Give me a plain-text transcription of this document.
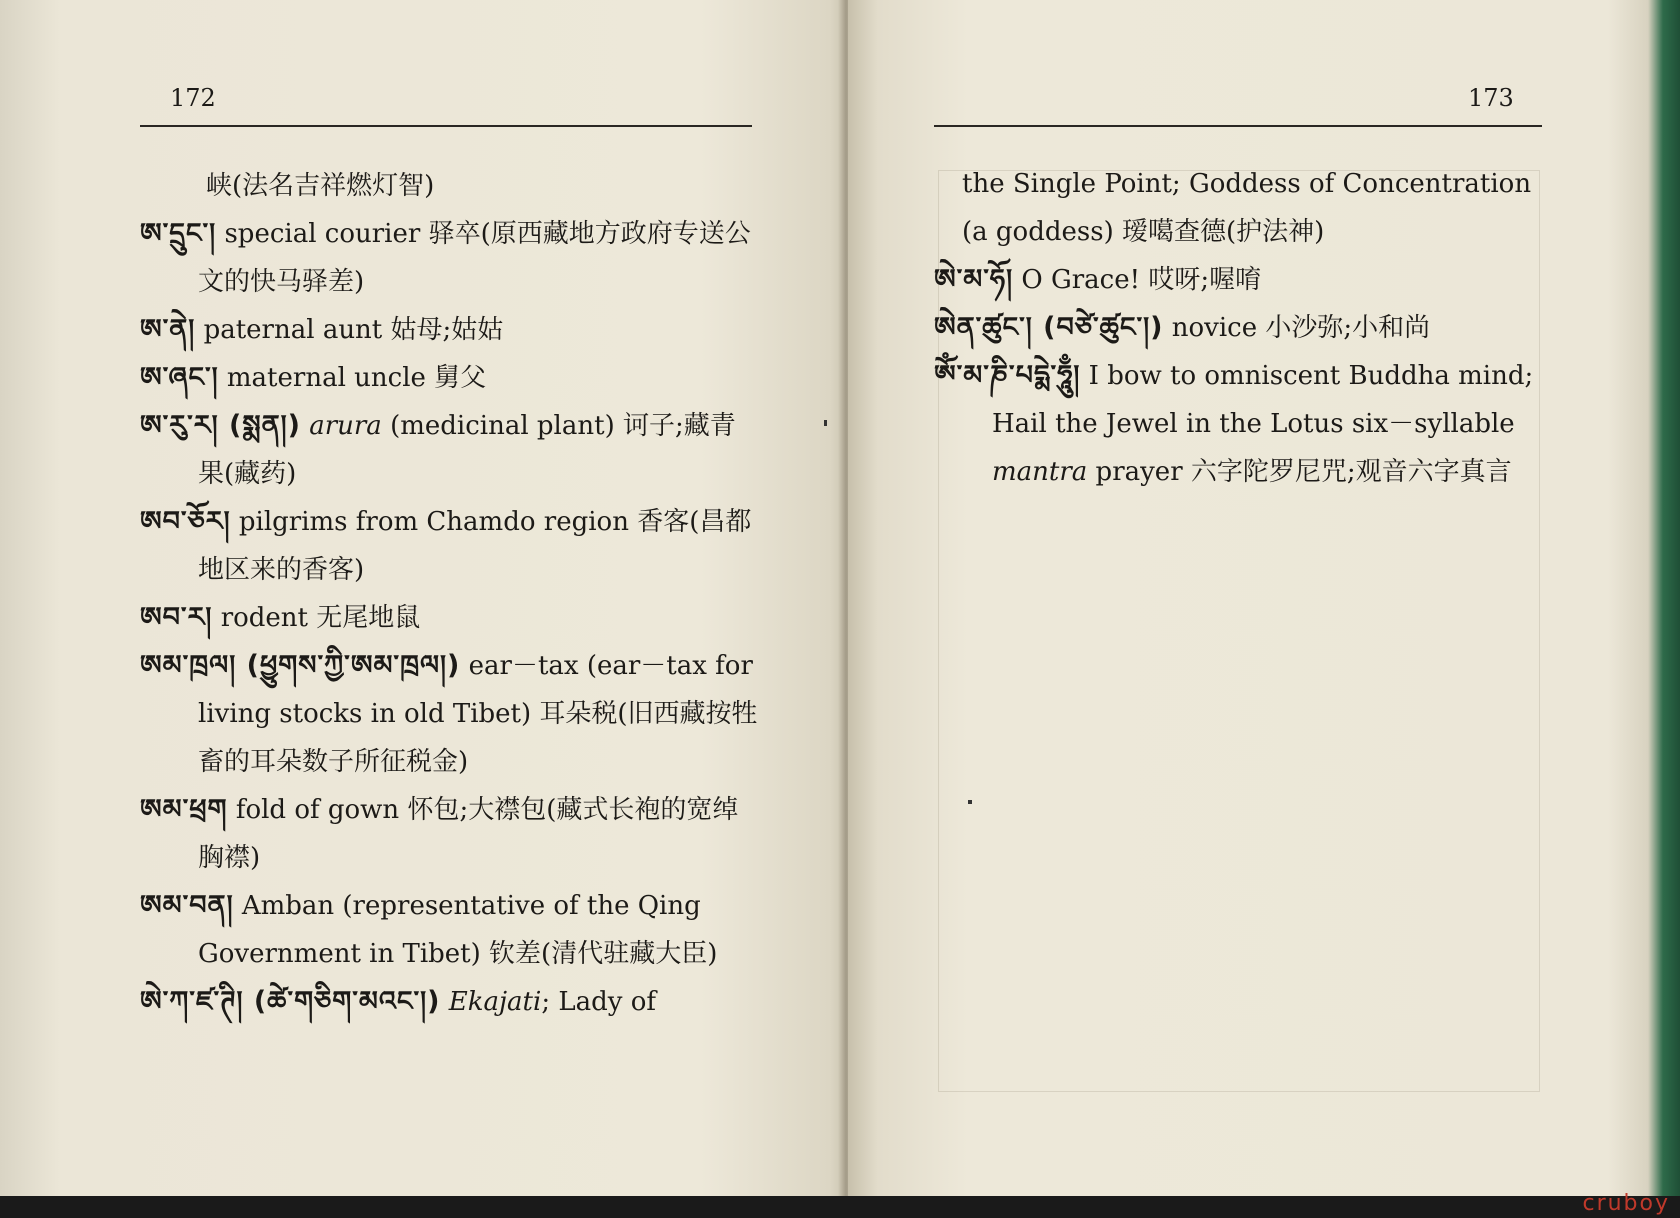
172

峡(法名吉祥燃灯智)

ཨ་དྲུང་། special courier 驿卒(原西藏地方政府专送公文的快马驿差)

ཨ་ནེ། paternal aunt 姑母;姑姑

ཨ་ཞང་། maternal uncle 舅父

ཨ་རུ་ར། (སྨན།) arura (medicinal plant) 诃子;藏青果(藏药)

ཨབ་ཅོར། pilgrims from Chamdo region 香客(昌都地区来的香客)

ཨབ་ར། rodent 无尾地鼠

ཨམ་ཁྲལ། (ཕྱུགས་ཀྱི་ཨམ་ཁྲལ།) ear－tax (ear－tax for living stocks in old Tibet) 耳朵税(旧西藏按牲畜的耳朵数子所征税金)

ཨམ་ཕྲག fold of gown 怀包;大襟包(藏式长袍的宽绰胸襟)

ཨམ་བན། Amban (representative of the Qing Government in Tibet) 钦差(清代驻藏大臣)

ཨེ་ཀ་ཛ་ཊི། (ཚེ་གཅིག་མའང་།) Ekajati; Lady of

173

the Single Point; Goddess of Concentration (a goddess) 瑷噶查德(护法神)

ཨེ་མ་ཧོ། O Grace! 哎呀;喔唷

ཨེན་ཚུང་། (བཙེ་ཚུང་།) novice 小沙弥;小和尚

ཨོཾ་མ་ཎི་པདྨེ་ཧཱུྃ། I bow to omniscent Buddha mind; Hail the Jewel in the Lotus six－syllable mantra prayer 六字陀罗尼咒;观音六字真言

cruboy
